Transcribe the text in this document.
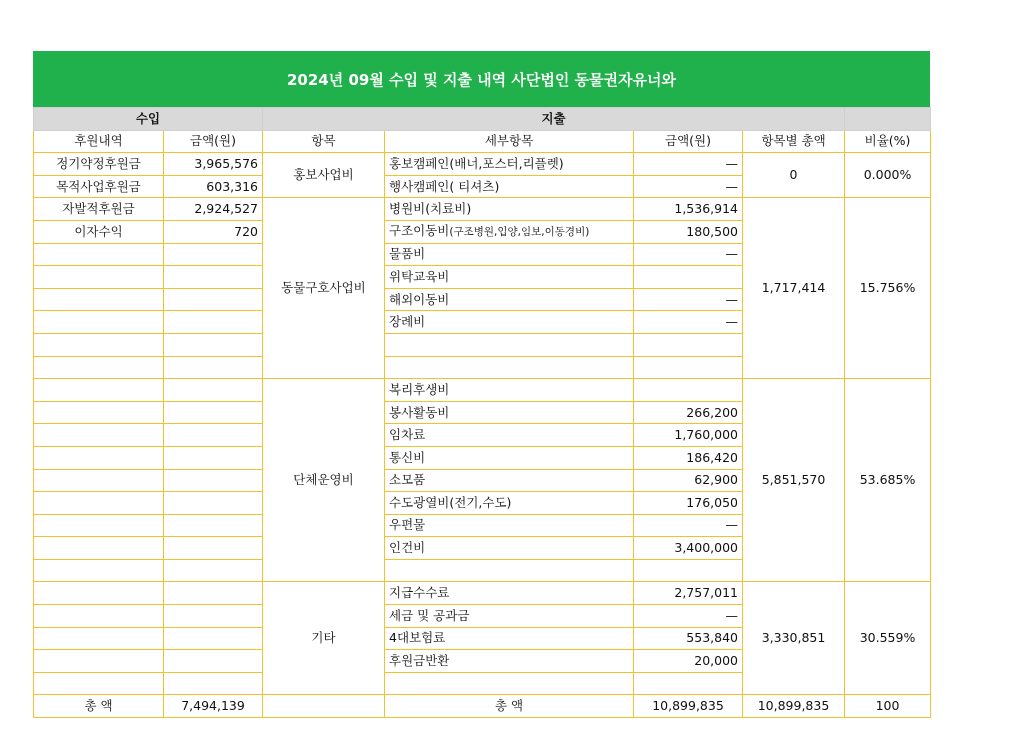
2024년 09월 수입 및 지출 내역 사단법인 동물권자유너와
수입		지출				
후원내역	금액(원)	항목	세부항목	금액(원)	항목별 총액	비율(%)
정기약정후원금	3,965,576	홍보사업비	홍보캠페인(배너,포스터,리플렛)	—	0	0.000%
목적사업후원금	603,316		행사캠페인( 티셔츠)	—		
자발적후원금	2,924,527	동물구호사업비	병원비(치료비)	1,536,914	1,717,414	15.756%
이자수익	720		구조이동비(구조병원,입양,임보,이동경비)	180,500		
			물품비	—		
			위탁교육비			
			해외이동비	—		
			장례비	—		

		단체운영비	복리후생비		5,851,570	53.685%
			봉사활동비	266,200		
			임차료	1,760,000		
			통신비	186,420		
			소모품	62,900		
			수도광열비(전기,수도)	176,050		
			우편물	—		
			인건비	3,400,000		

		기타	지급수수료	2,757,011	3,330,851	30.559%
			세금 및 공과금	—		
			4대보험료	553,840		
			후원금반환	20,000		

총 액	7,494,139		총 액	10,899,835	10,899,835	100
